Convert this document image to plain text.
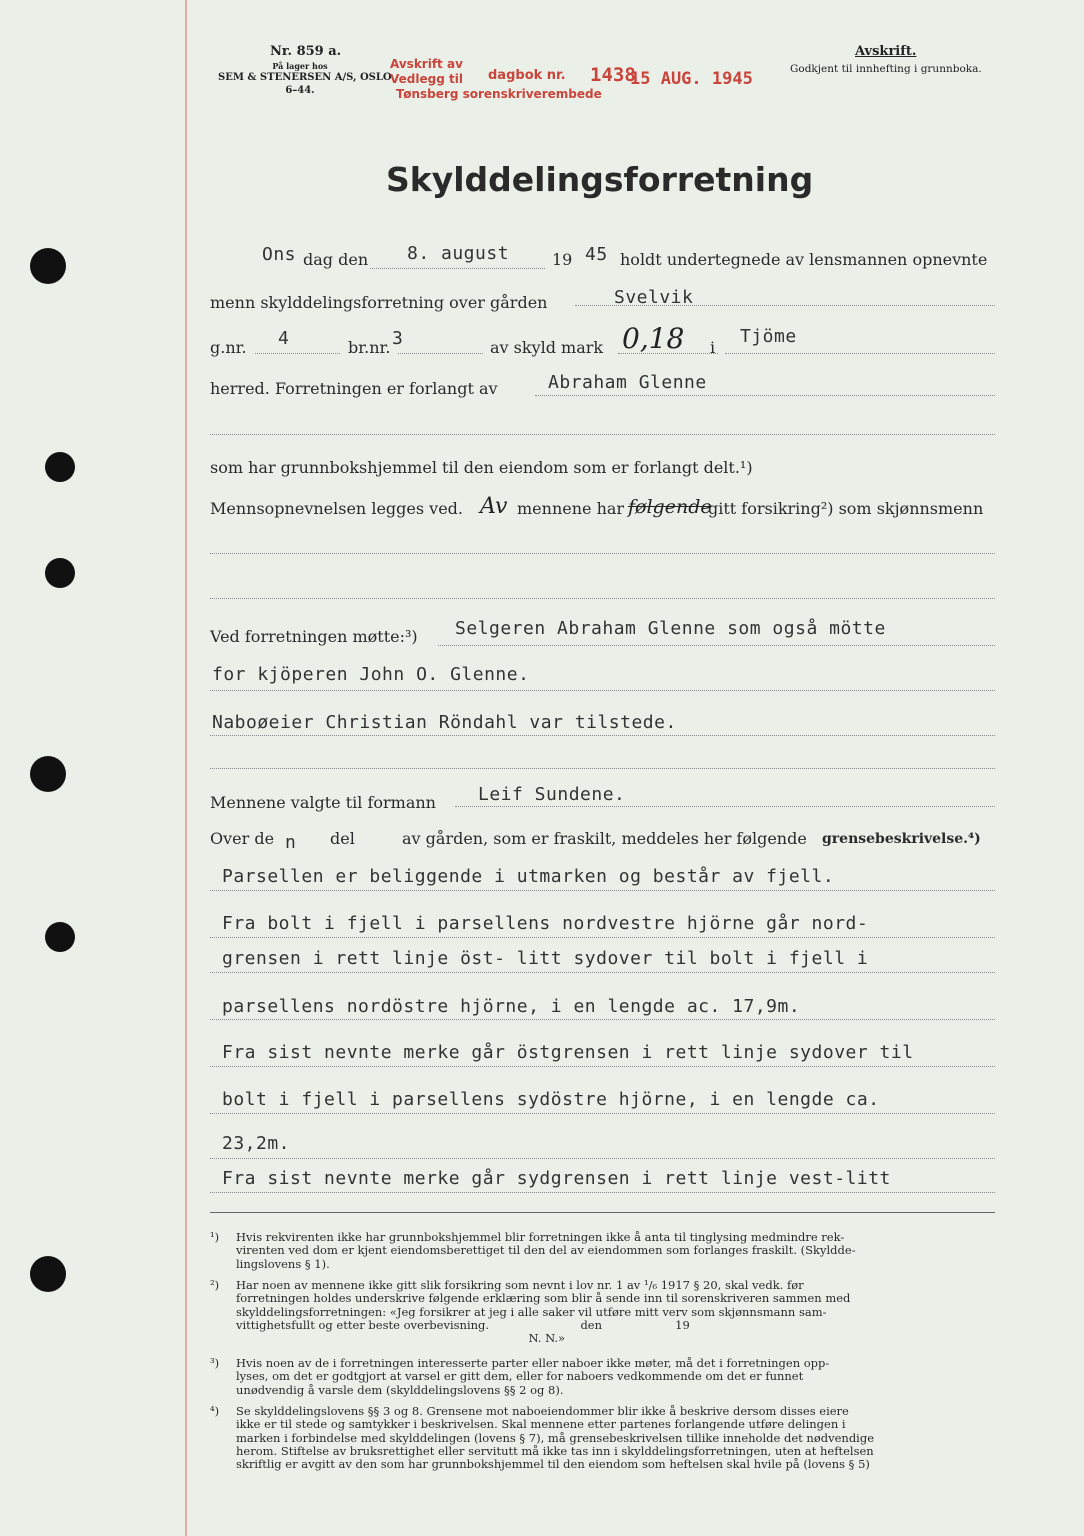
Nr. 859 a.
På lager hos
SEM & STENERSEN A/S, OSLO
6–44.
Avskrift av
Vedlegg til dagbok nr. 1438
15 AUG. 1945
Tønsberg sorenskriverembede
Avskrift.
Godkjent til innhefting i grunnboka.
Skylddelingsforretning
Ons dag den 8. august	19 45 holdt undertegnede av lensmannen opnevnte
menn skylddelingsforretning over gården	Svelvik
g.nr. 4	br.nr. 3	av skyld mark 0,18 i
Tjöme
herred. Forretningen er forlangt av	Abraham Glenne
som har grunnbokshjemmel til den eiendom som er forlangt delt.¹)
Mennsopnevnelsen legges ved. Av mennene har følgende
gitt forsikring²) som skjønnsmenn
Ved forretningen møtte:³) Selgeren Abraham Glenne som også mötte
for kjöperen John O. Glenne.
Naboøeier Christian Röndahl var tilstede.
Mennene valgte til formann Leif Sundene.
Over de n del	av gården, som er fraskilt, meddeles her følgende grensebeskrivelse.⁴)
Parsellen er beliggende i utmarken og består av fjell.
Fra bolt i fjell i parsellens nordvestre hjörne går nord-
grensen i rett linje öst- litt sydover til bolt i fjell i
parsellens nordöstre hjörne, i en lengde ac. 17,9m.
Fra sist nevnte merke går östgrensen i rett linje sydover til
bolt i fjell i parsellens sydöstre hjörne, i en lengde ca.
23,2m.
Fra sist nevnte merke går sydgrensen i rett linje vest-litt
¹) Hvis rekvirenten ikke har grunnbokshjemmel blir forretningen ikke å anta til tinglysing medmindre rek-
virenten ved dom er kjent eiendomsberettiget til den del av eiendommen som forlanges fraskilt. (Skyldde-
lingslovens § 1).
²) Har noen av mennene ikke gitt slik forsikring som nevnt i lov nr. 1 av ¹/₆ 1917 § 20, skal vedk. før
forretningen holdes underskrive følgende erklæring som blir å sende inn til sorenskriveren sammen med
skylddelingsforretningen: «Jeg forsikrer at jeg i alle saker vil utføre mitt verv som skjønnsmann sam-
vittighetsfullt og etter beste overbevisning.                         den                    19
N. N.»
³) Hvis noen av de i forretningen interesserte parter eller naboer ikke møter, må det i forretningen opp-
lyses, om det er godtgjort at varsel er gitt dem, eller for naboers vedkommende om det er funnet
unødvendig å varsle dem (skylddelingslovens §§ 2 og 8).
⁴) Se skylddelingslovens §§ 3 og 8. Grensene mot naboeiendommer blir ikke å beskrive dersom disses eiere
ikke er til stede og samtykker i beskrivelsen. Skal mennene etter partenes forlangende utføre delingen i
marken i forbindelse med skylddelingen (lovens § 7), må grensebeskrivelsen tillike inneholde det nødvendige
herom. Stiftelse av bruksrettighet eller servitutt må ikke tas inn i skylddelingsforretningen, uten at heftelsen
skriftlig er avgitt av den som har grunnbokshjemmel til den eiendom som heftelsen skal hvile på (lovens § 5)
